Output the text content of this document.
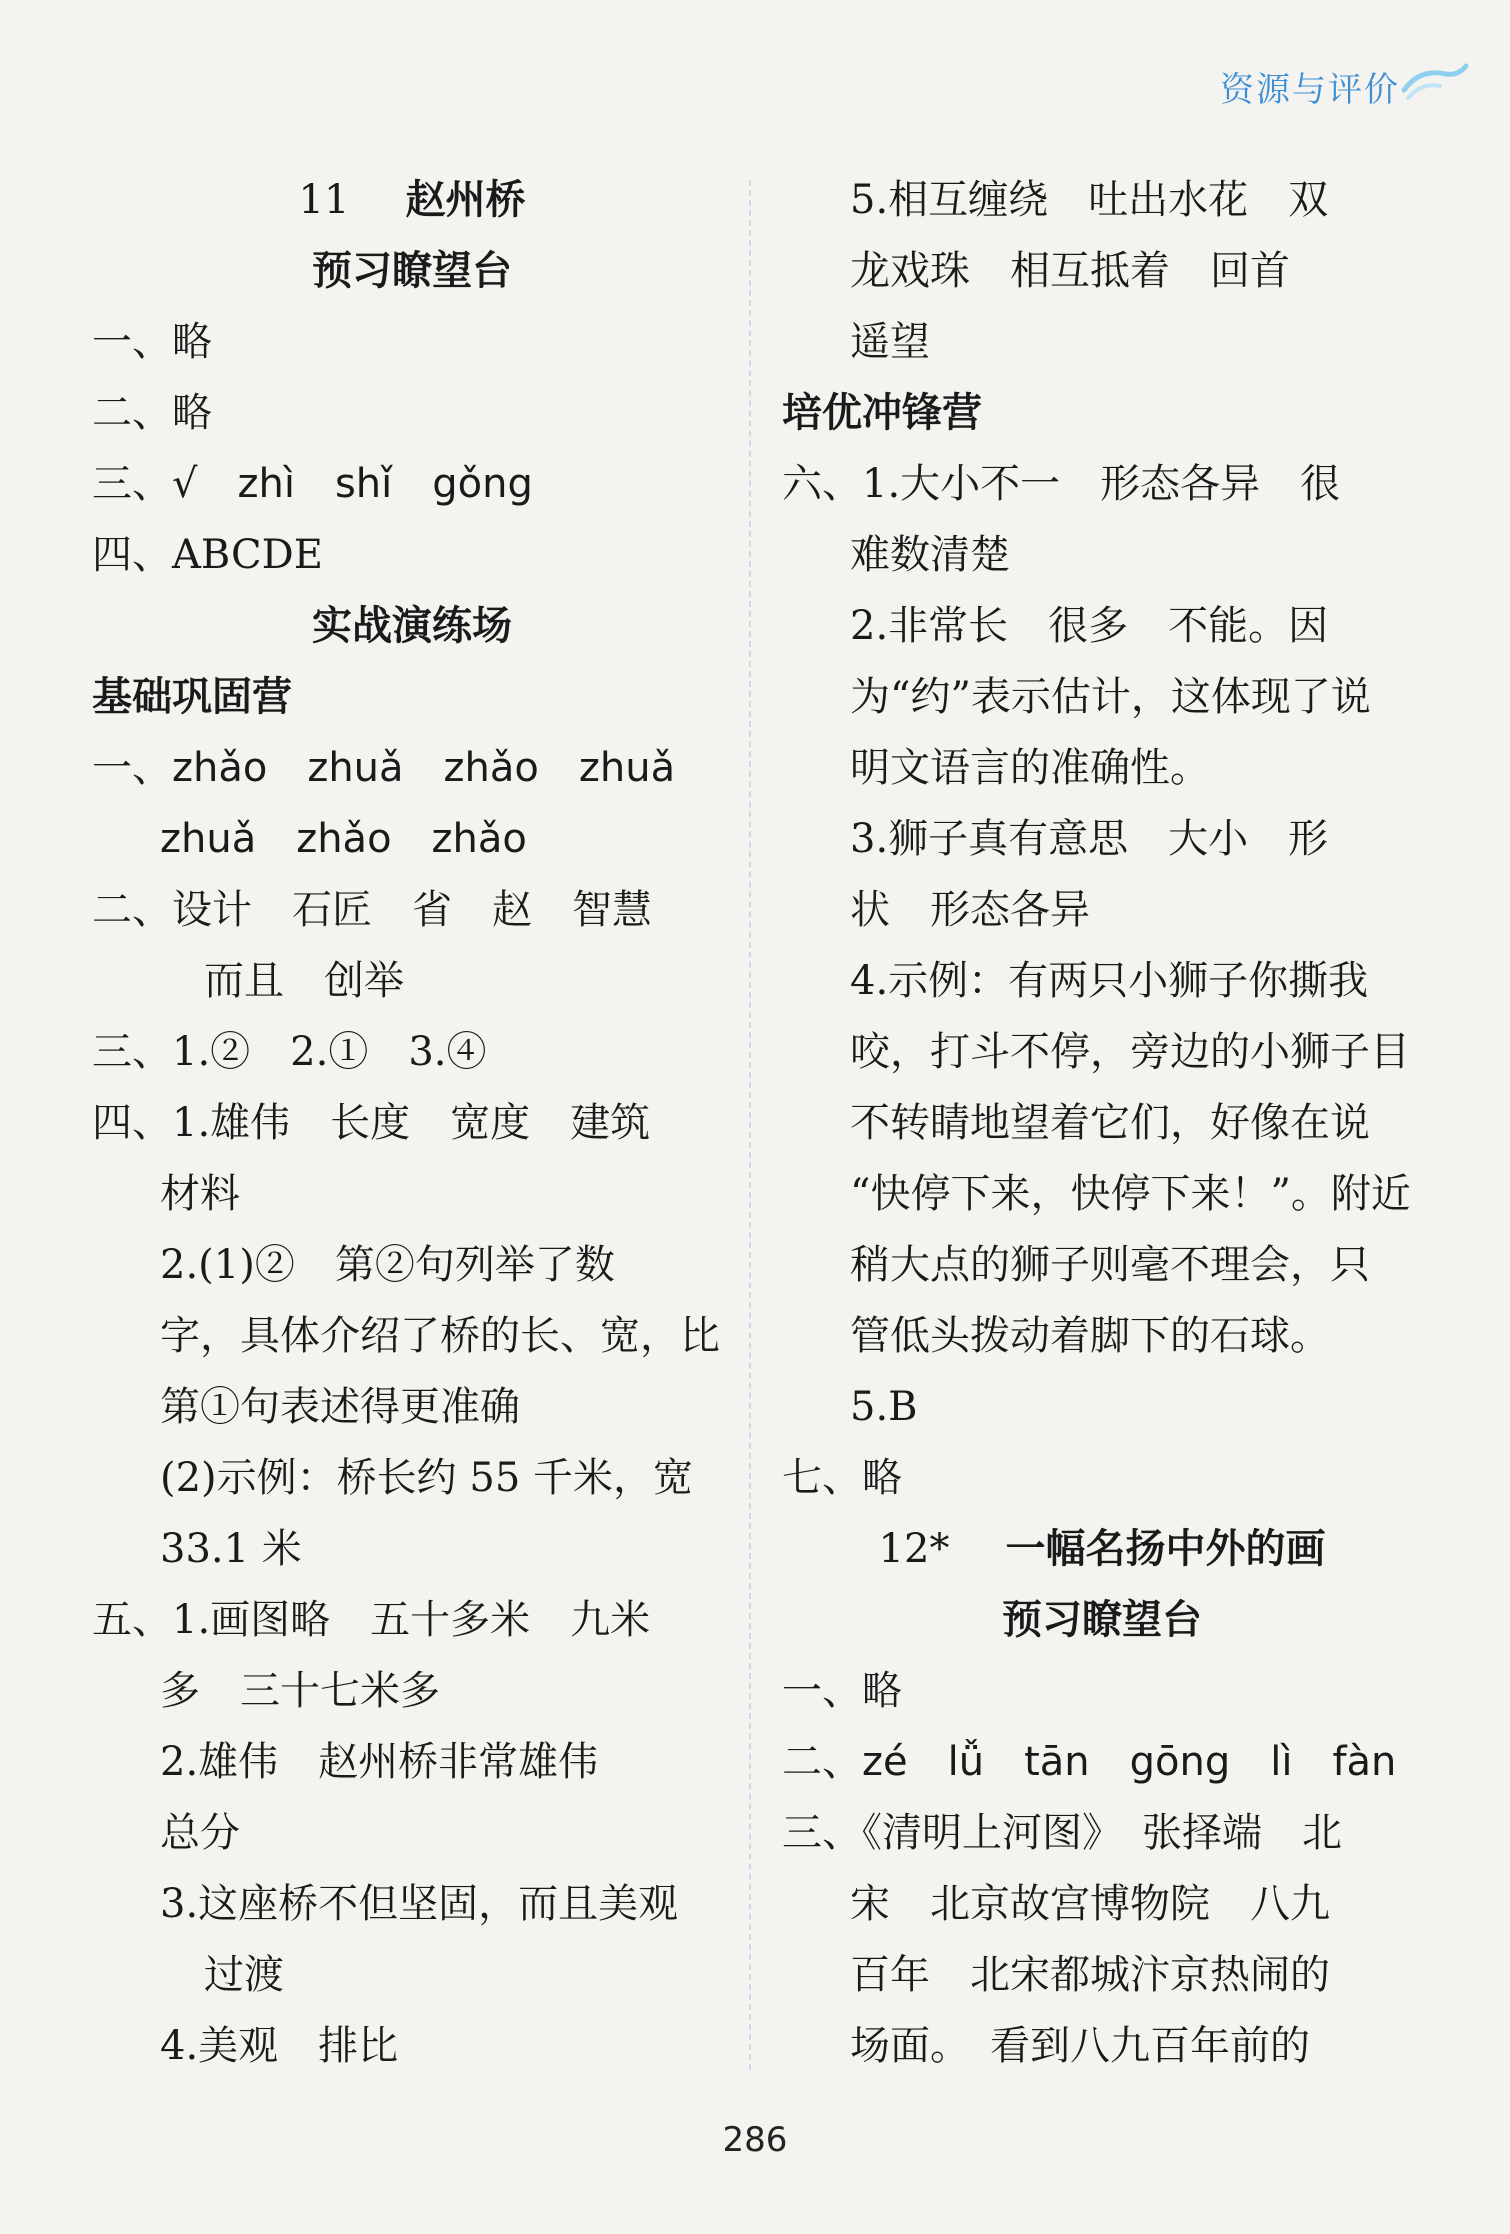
资源与评价
11 赵州桥
预习瞭望台
一、略
二、略
三、√　zhì　shǐ　gǒng
四、ABCDE
实战演练场
基础巩固营
一、zhǎo　zhuǎ　zhǎo　zhuǎ
zhuǎ　zhǎo　zhǎo
二、设计　石匠　省　赵　智慧
而且　创举
三、1.②　2.①　3.④
四、1.雄伟　长度　宽度　建筑
材料
2.(1)②　第②句列举了数
字，具体介绍了桥的长、宽，比
第①句表述得更准确
(2)示例：桥长约 55 千米，宽
33.1 米
五、1.画图略　五十多米　九米
多　三十七米多
2.雄伟　赵州桥非常雄伟
总分
3.这座桥不但坚固，而且美观
过渡
4.美观　排比
5.相互缠绕　吐出水花　双
龙戏珠　相互抵着　回首
遥望
培优冲锋营
六、1.大小不一　形态各异　很
难数清楚
2.非常长　很多　不能。因
为“约”表示估计，这体现了说
明文语言的准确性。
3.狮子真有意思　大小　形
状　形态各异
4.示例：有两只小狮子你撕我
咬，打斗不停，旁边的小狮子目
不转睛地望着它们，好像在说
“快停下来，快停下来！”。附近
稍大点的狮子则毫不理会，只
管低头拨动着脚下的石球。
5.B
七、略
12* 一幅名扬中外的画
预习瞭望台
一、略
二、zé　lǚ　tān　gōng　lì　fàn
三、《清明上河图》　张择端　北
宋　北京故宫博物院　八九
百年　北宋都城汴京热闹的
场面。　看到八九百年前的
286
